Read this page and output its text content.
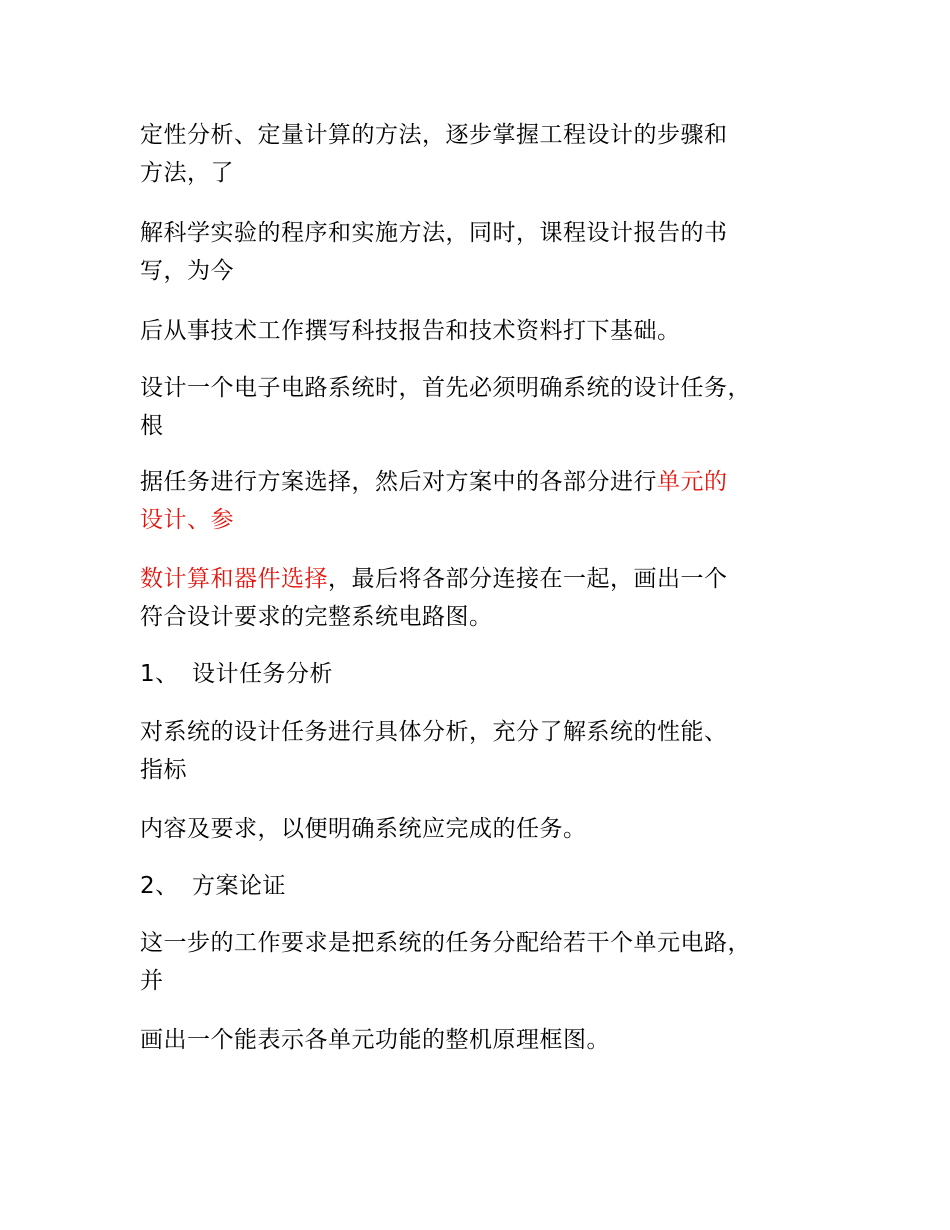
定性分析、定量计算的方法，逐步掌握工程设计的步骤和
方法，了

解科学实验的程序和实施方法，同时，课程设计报告的书
写，为今

后从事技术工作撰写科技报告和技术资料打下基础。

设计一个电子电路系统时，首先必须明确系统的设计任务，
根

据任务进行方案选择，然后对方案中的各部分进行单元的
设计、参

数计算和器件选择，最后将各部分连接在一起，画出一个
符合设计要求的完整系统电路图。

1、 设计任务分析

对系统的设计任务进行具体分析，充分了解系统的性能、
指标

内容及要求，以便明确系统应完成的任务。

2、 方案论证

这一步的工作要求是把系统的任务分配给若干个单元电路，
并

画出一个能表示各单元功能的整机原理框图。
